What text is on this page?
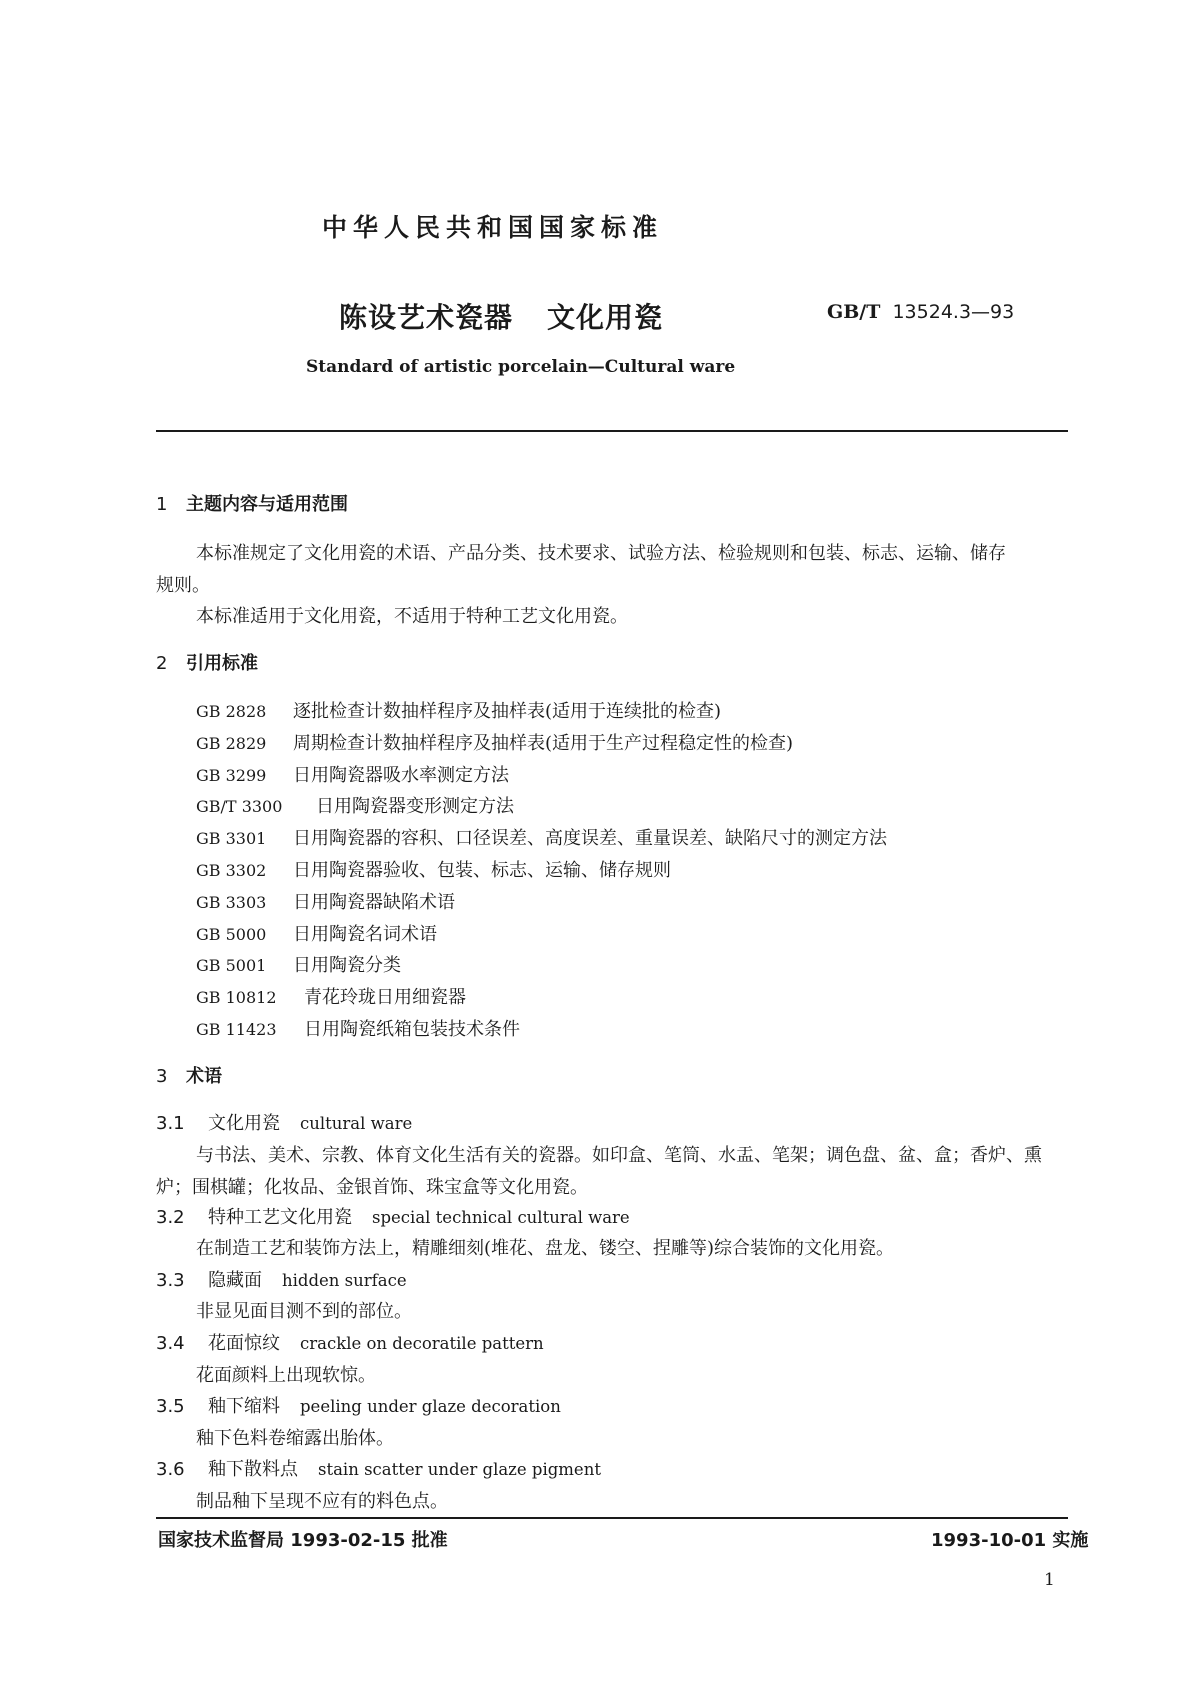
中华人民共和国国家标准
陈设艺术瓷器 文化用瓷	GB/T 13524.3—93
Standard of artistic porcelain—Cultural ware
1 主题内容与适用范围
本标准规定了文化用瓷的术语、产品分类、技术要求、试验方法、检验规则和包装、标志、运输、储存
规则。
本标准适用于文化用瓷，不适用于特种工艺文化用瓷。
2 引用标准
GB 2828 逐批检查计数抽样程序及抽样表(适用于连续批的检查)
GB 2829 周期检查计数抽样程序及抽样表(适用于生产过程稳定性的检查)
GB 3299 日用陶瓷器吸水率测定方法
GB/T 3300 日用陶瓷器变形测定方法
GB 3301 日用陶瓷器的容积、口径误差、高度误差、重量误差、缺陷尺寸的测定方法
GB 3302 日用陶瓷器验收、包装、标志、运输、储存规则
GB 3303 日用陶瓷器缺陷术语
GB 5000 日用陶瓷名词术语
GB 5001 日用陶瓷分类
GB 10812 青花玲珑日用细瓷器
GB 11423 日用陶瓷纸箱包装技术条件
3 术语
3.1 文化用瓷 cultural ware
与书法、美术、宗教、体育文化生活有关的瓷器。如印盒、笔筒、水盂、笔架；调色盘、盆、盒；香炉、熏
炉；围棋罐；化妆品、金银首饰、珠宝盒等文化用瓷。
3.2 特种工艺文化用瓷 special technical cultural ware
在制造工艺和装饰方法上，精雕细刻(堆花、盘龙、镂空、捏雕等)综合装饰的文化用瓷。
3.3 隐藏面 hidden surface
非显见面目测不到的部位。
3.4 花面惊纹 crackle on decoratile pattern
花面颜料上出现软惊。
3.5 釉下缩料 peeling under glaze decoration
釉下色料卷缩露出胎体。
3.6 釉下散料点 stain scatter under glaze pigment
制品釉下呈现不应有的料色点。
国家技术监督局 1993-02-15 批准	1993-10-01 实施
1
